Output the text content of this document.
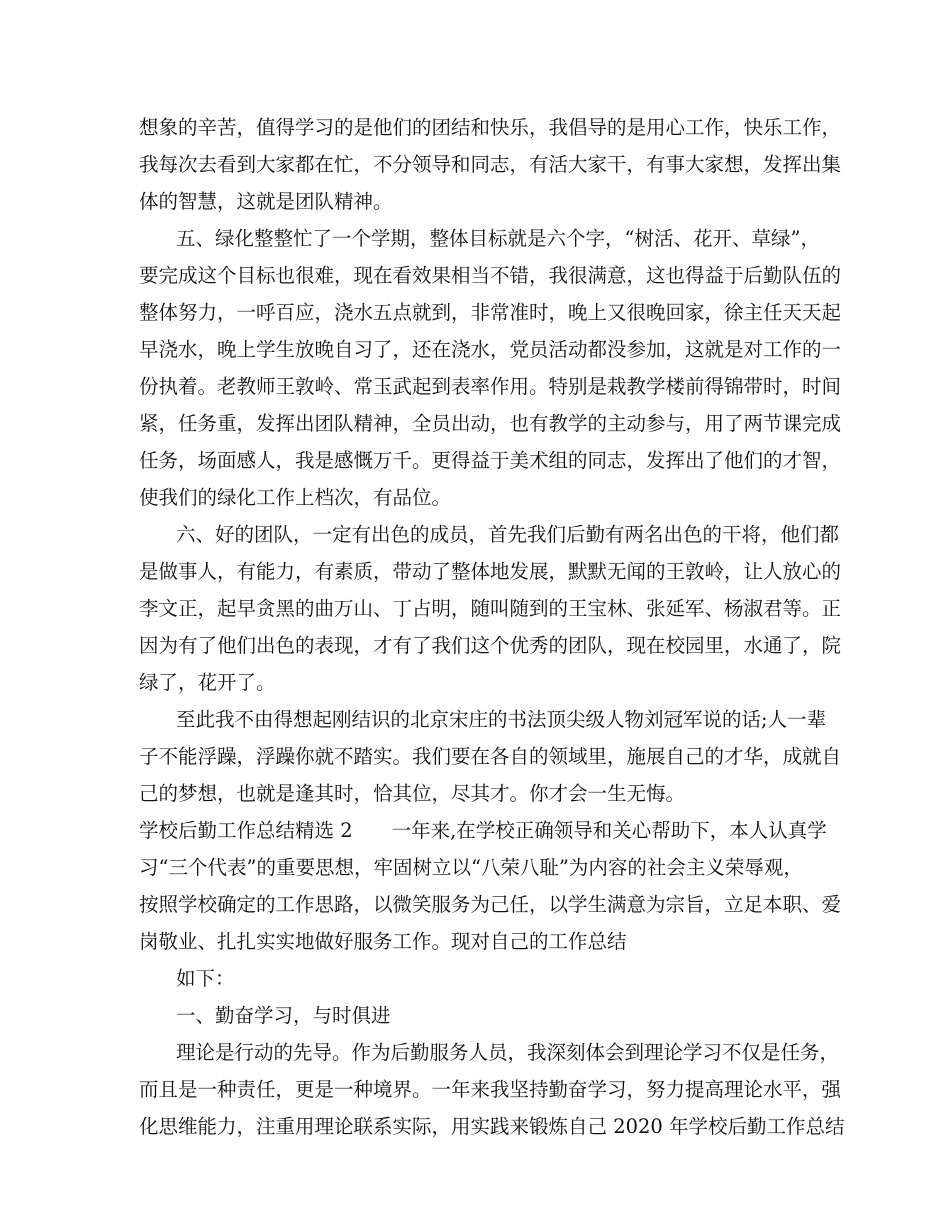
想象的辛苦，值得学习的是他们的团结和快乐，我倡导的是用心工作，快乐工作，
我每次去看到大家都在忙，不分领导和同志，有活大家干，有事大家想，发挥出集
体的智慧，这就是团队精神。
五、绿化整整忙了一个学期，整体目标就是六个字，“树活、花开、草绿”，
要完成这个目标也很难，现在看效果相当不错，我很满意，这也得益于后勤队伍的
整体努力，一呼百应，浇水五点就到，非常准时，晚上又很晚回家，徐主任天天起
早浇水，晚上学生放晚自习了，还在浇水，党员活动都没参加，这就是对工作的一
份执着。老教师王敦岭、常玉武起到表率作用。特别是栽教学楼前得锦带时，时间
紧，任务重，发挥出团队精神，全员出动，也有教学的主动参与，用了两节课完成
任务，场面感人，我是感慨万千。更得益于美术组的同志，发挥出了他们的才智，
使我们的绿化工作上档次，有品位。
六、好的团队，一定有出色的成员，首先我们后勤有两名出色的干将，他们都
是做事人，有能力，有素质，带动了整体地发展，默默无闻的王敦岭，让人放心的
李文正，起早贪黑的曲万山、丁占明，随叫随到的王宝林、张延军、杨淑君等。正
因为有了他们出色的表现，才有了我们这个优秀的团队，现在校园里，水通了，院
绿了，花开了。
至此我不由得想起刚结识的北京宋庄的书法顶尖级人物刘冠军说的话;人一辈
子不能浮躁，浮躁你就不踏实。我们要在各自的领域里，施展自己的才华，成就自
己的梦想，也就是逢其时，恰其位，尽其才。你才会一生无悔。
学校后勤工作总结精选 2　　一年来,在学校正确领导和关心帮助下，本人认真学
习“三个代表”的重要思想，牢固树立以“八荣八耻”为内容的社会主义荣辱观，
按照学校确定的工作思路，以微笑服务为己任，以学生满意为宗旨，立足本职、爱
岗敬业、扎扎实实地做好服务工作。现对自己的工作总结
如下：
一、勤奋学习，与时俱进
理论是行动的先导。作为后勤服务人员，我深刻体会到理论学习不仅是任务，
而且是一种责任，更是一种境界。一年来我坚持勤奋学习，努力提高理论水平，强
化思维能力，注重用理论联系实际，用实践来锻炼自己 2020 年学校后勤工作总结
